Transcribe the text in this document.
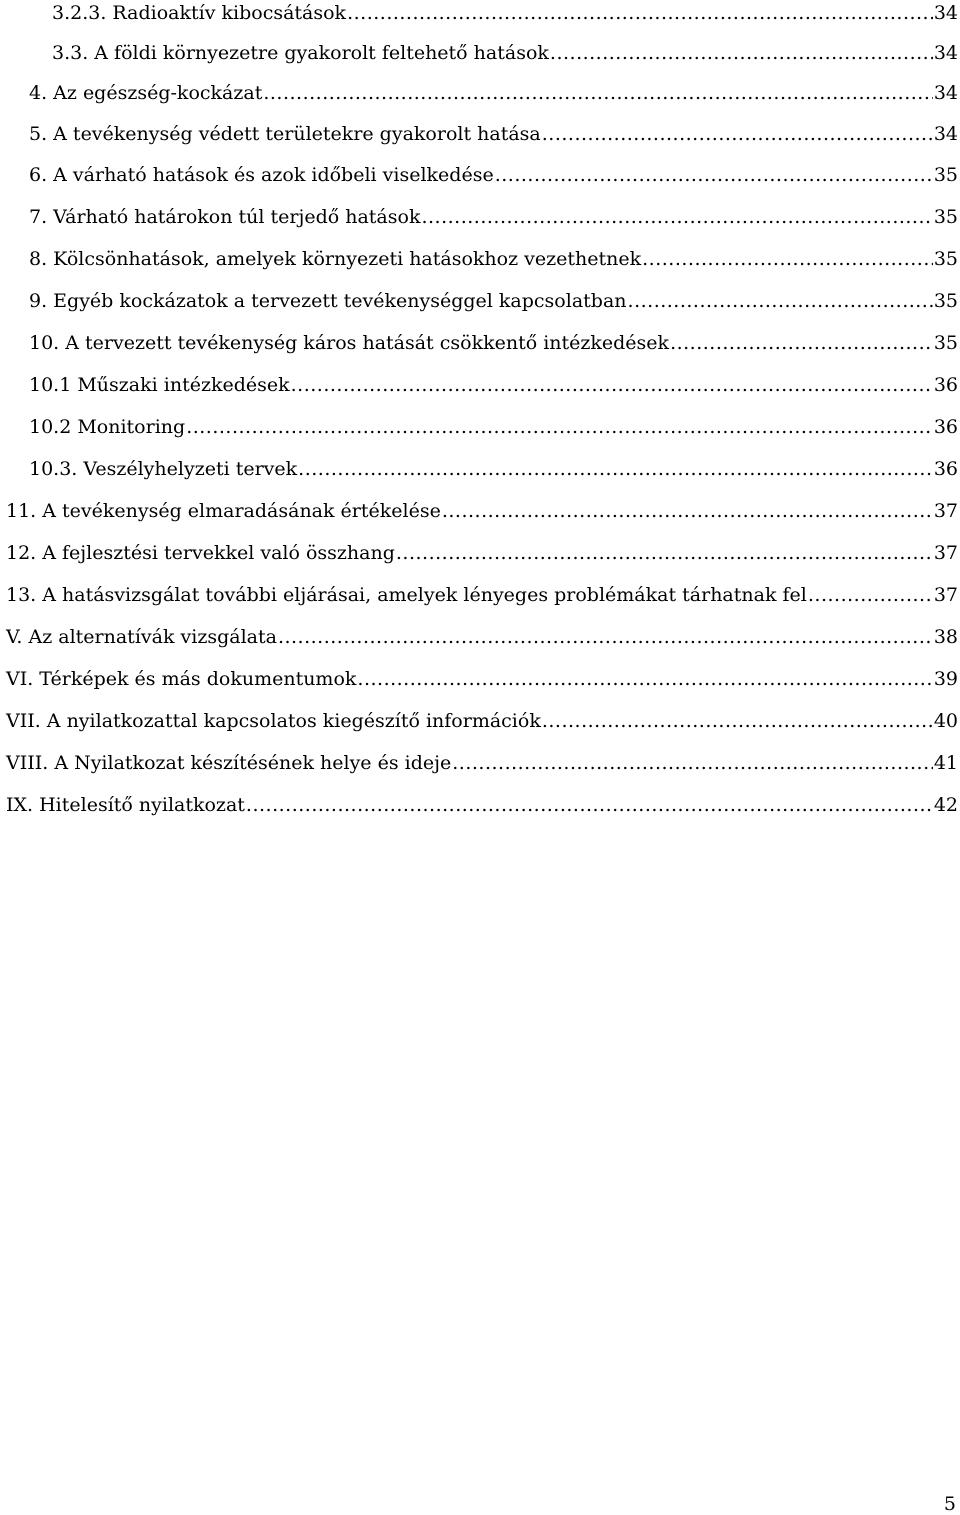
3.2.3. Radioaktív kibocsátások .....	34
3.3. A földi környezetre gyakorolt feltehető hatások .....	34
4. Az egészség-kockázat .....	34
5. A tevékenység védett területekre gyakorolt hatása .....	34
6. A várható hatások és azok időbeli viselkedése .....	35
7. Várható határokon túl terjedő hatások .....	35
8. Kölcsönhatások, amelyek környezeti hatásokhoz vezethetnek .....	35
9. Egyéb kockázatok a tervezett tevékenységgel kapcsolatban .....	35
10. A tervezett tevékenység káros hatását csökkentő intézkedések .....	35
10.1 Műszaki intézkedések .....	36
10.2 Monitoring .....	36
10.3. Veszélyhelyzeti tervek .....	36
11. A tevékenység elmaradásának értékelése .....	37
12. A fejlesztési tervekkel való összhang .....	37
13. A hatásvizsgálat további eljárásai, amelyek lényeges problémákat tárhatnak fel .....	37
V. Az alternatívák vizsgálata .....	38
VI. Térképek és más dokumentumok .....	39
VII. A nyilatkozattal kapcsolatos kiegészítő információk .....	40
VIII. A Nyilatkozat készítésének helye és ideje .....	41
IX. Hitelesítő nyilatkozat .....	42
5
